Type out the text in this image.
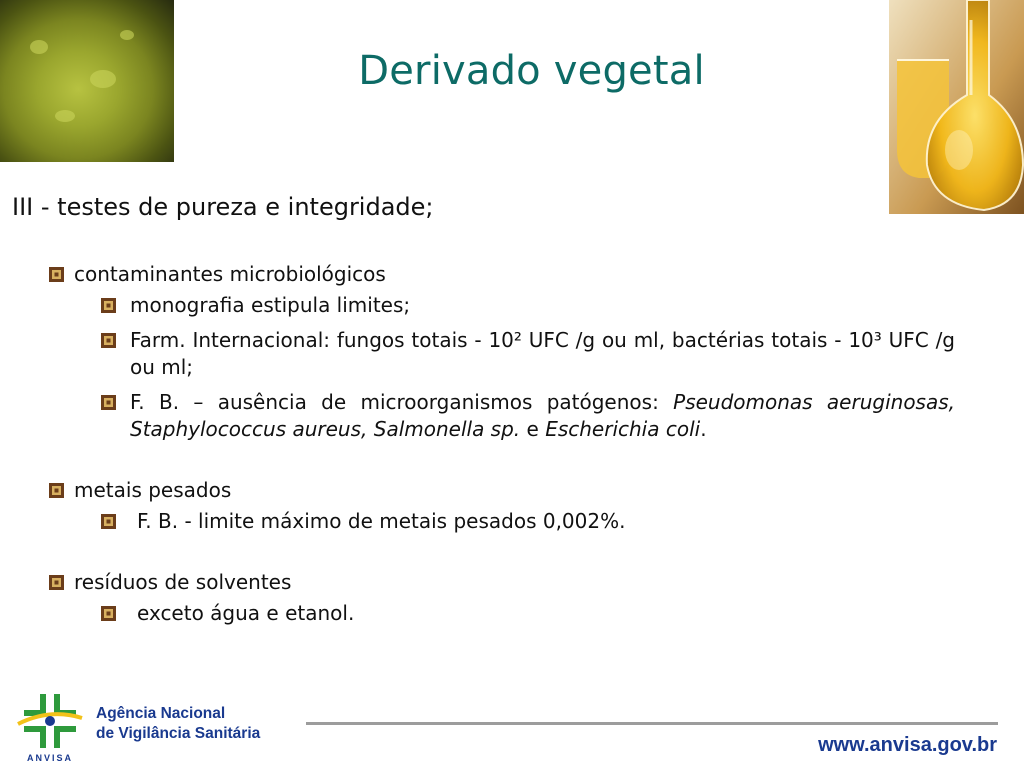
Derivado vegetal
III - testes de pureza e integridade;
contaminantes microbiológicos
monografia estipula limites;
Farm. Internacional: fungos totais - 10² UFC /g ou ml, bactérias totais - 10³ UFC /g ou ml;
F. B. – ausência de microorganismos patógenos: Pseudomonas aeruginosas, Staphylococcus aureus, Salmonella sp. e Escherichia coli.
metais pesados
F. B. - limite máximo de metais pesados 0,002%.
resíduos de solventes
exceto água e etanol.
ANVISA
Agência Nacional
de Vigilância Sanitária
www.anvisa.gov.br
